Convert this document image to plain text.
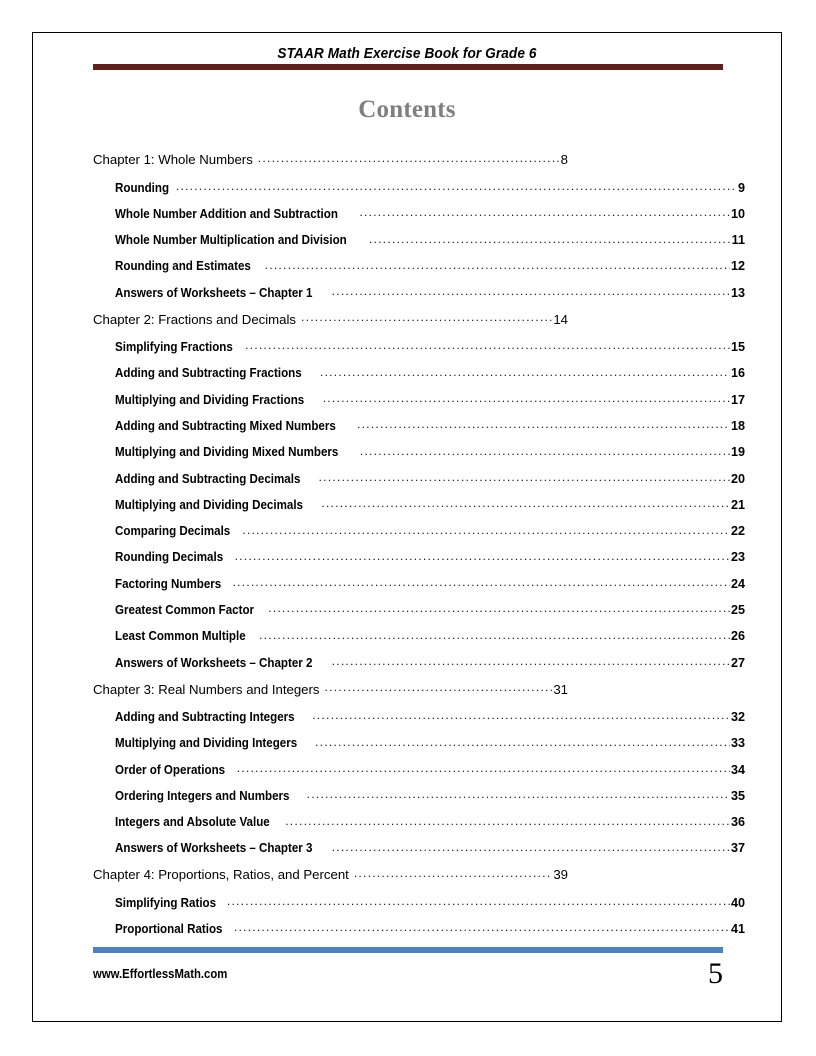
STAAR Math Exercise Book for Grade 6
Contents
Chapter 1: Whole Numbers .....	8
Rounding .....	9
Whole Number Addition and Subtraction .....	10
Whole Number Multiplication and Division .....	11
Rounding and Estimates .....	12
Answers of Worksheets – Chapter 1 .....	13
Chapter 2: Fractions and Decimals .....	14
Simplifying Fractions .....	15
Adding and Subtracting Fractions .....	16
Multiplying and Dividing Fractions .....	17
Adding and Subtracting Mixed Numbers .....	18
Multiplying and Dividing Mixed Numbers .....	19
Adding and Subtracting Decimals .....	20
Multiplying and Dividing Decimals .....	21
Comparing Decimals .....	22
Rounding Decimals .....	23
Factoring Numbers .....	24
Greatest Common Factor .....	25
Least Common Multiple .....	26
Answers of Worksheets – Chapter 2 .....	27
Chapter 3: Real Numbers and Integers .....	31
Adding and Subtracting Integers .....	32
Multiplying and Dividing Integers .....	33
Order of Operations .....	34
Ordering Integers and Numbers .....	35
Integers and Absolute Value .....	36
Answers of Worksheets – Chapter 3 .....	37
Chapter 4: Proportions, Ratios, and Percent .....	39
Simplifying Ratios .....	40
Proportional Ratios .....	41
www.EffortlessMath.com	5
